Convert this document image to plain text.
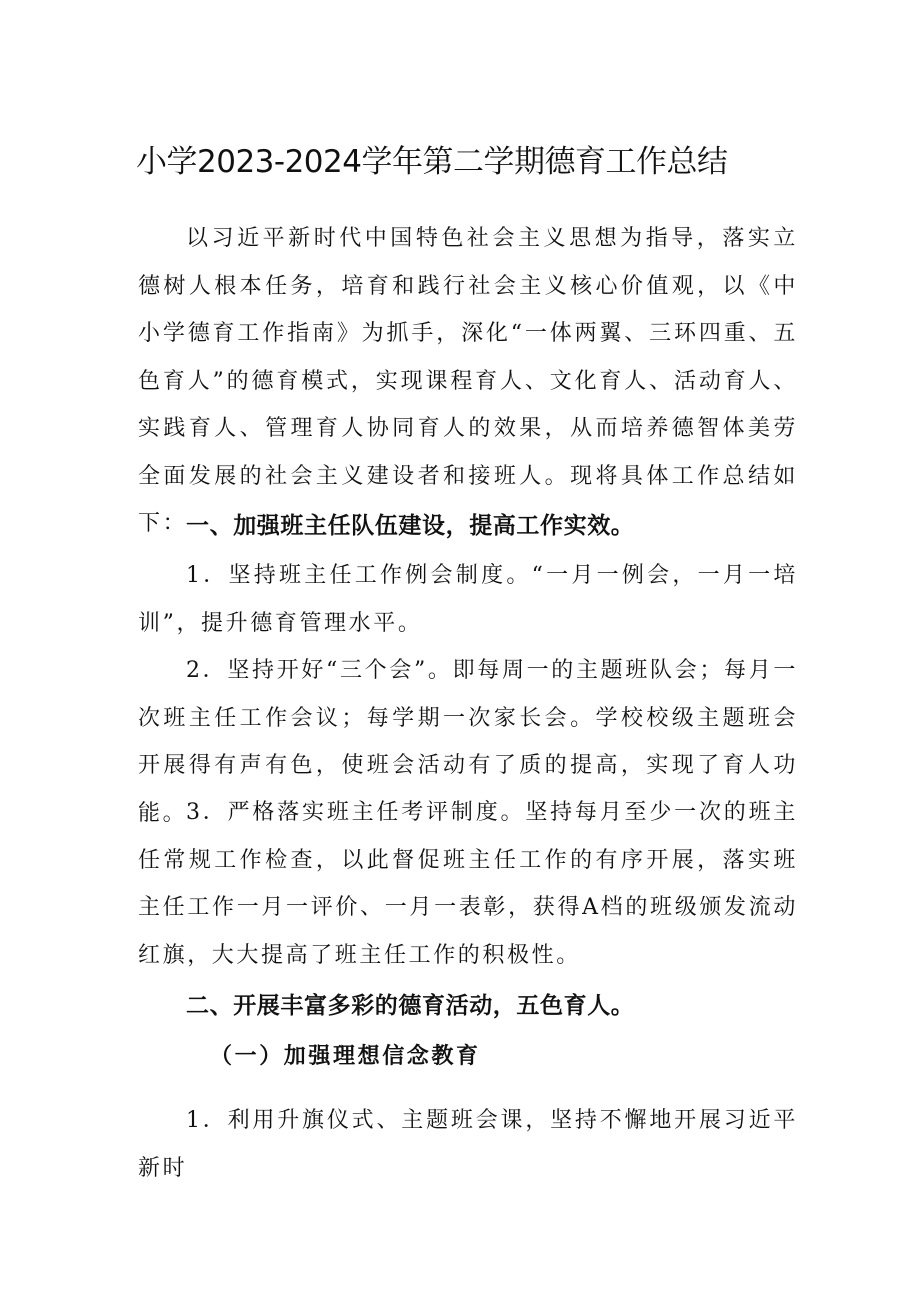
小学2023-2024学年第二学期德育工作总结

以习近平新时代中国特色社会主义思想为指导，落实立德树人根本任务，培育和践行社会主义核心价值观，以《中小学德育工作指南》为抓手，深化“一体两翼、三环四重、五色育人”的德育模式，实现课程育人、文化育人、活动育人、实践育人、管理育人协同育人的效果，从而培养德智体美劳全面发展的社会主义建设者和接班人。现将具体工作总结如下：

一、加强班主任队伍建设，提高工作实效。

1．坚持班主任工作例会制度。“一月一例会，一月一培训”，提升德育管理水平。

2．坚持开好“三个会”。即每周一的主题班队会；每月一次班主任工作会议；每学期一次家长会。学校校级主题班会开展得有声有色，使班会活动有了质的提高，实现了育人功能。

3．严格落实班主任考评制度。坚持每月至少一次的班主任常规工作检查，以此督促班主任工作的有序开展，落实班主任工作一月一评价、一月一表彰，获得A档的班级颁发流动红旗，大大提高了班主任工作的积极性。

二、开展丰富多彩的德育活动，五色育人。
（一）加强理想信念教育

1．利用升旗仪式、主题班会课，坚持不懈地开展习近平新时
